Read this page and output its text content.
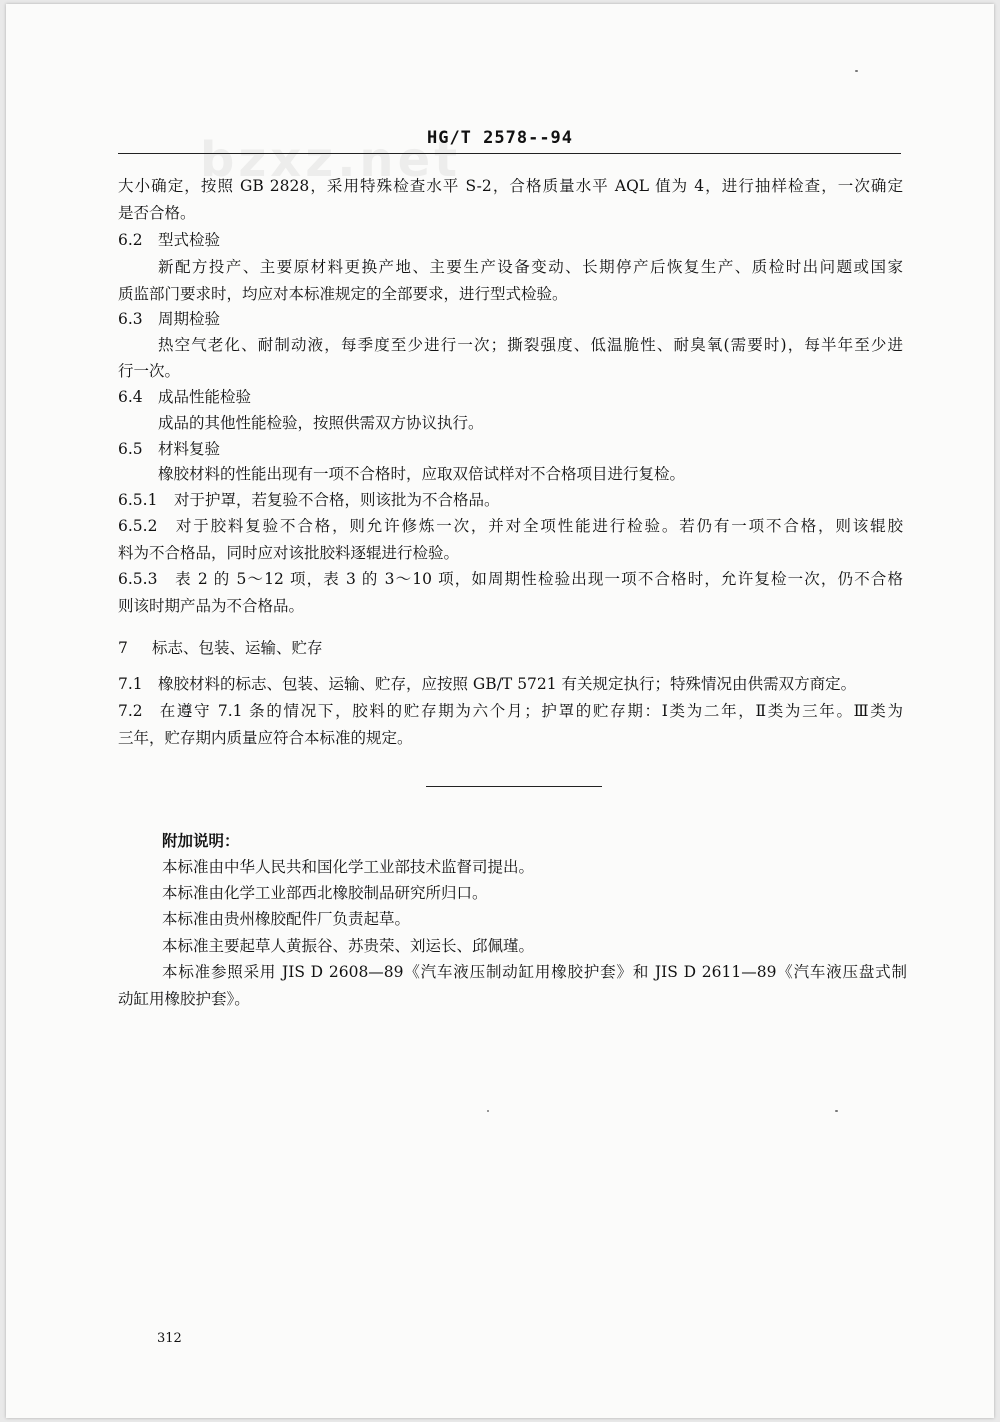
bzxz.net
HG/T 2578--94
大小确定，按照 GB 2828，采用特殊检查水平 S-2，合格质量水平 AQL 值为 4，进行抽样检查，一次确定
是否合格。
6.2 型式检验
新配方投产、主要原材料更换产地、主要生产设备变动、长期停产后恢复生产、质检时出问题或国家
质监部门要求时，均应对本标准规定的全部要求，进行型式检验。
6.3 周期检验
热空气老化、耐制动液，每季度至少进行一次；撕裂强度、低温脆性、耐臭氧(需要时)，每半年至少进
行一次。
6.4 成品性能检验
成品的其他性能检验，按照供需双方协议执行。
6.5 材料复验
橡胶材料的性能出现有一项不合格时，应取双倍试样对不合格项目进行复检。
6.5.1 对于护罩，若复验不合格，则该批为不合格品。
6.5.2 对于胶料复验不合格，则允许修炼一次，并对全项性能进行检验。若仍有一项不合格，则该辊胶
料为不合格品，同时应对该批胶料逐辊进行检验。
6.5.3 表 2 的 5～12 项，表 3 的 3～10 项，如周期性检验出现一项不合格时，允许复检一次，仍不合格
则该时期产品为不合格品。
7 标志、包装、运输、贮存
7.1 橡胶材料的标志、包装、运输、贮存，应按照 GB/T 5721 有关规定执行；特殊情况由供需双方商定。
7.2 在遵守 7.1 条的情况下，胶料的贮存期为六个月；护罩的贮存期：Ⅰ类为二年，Ⅱ类为三年。Ⅲ类为
三年，贮存期内质量应符合本标准的规定。
附加说明：
本标准由中华人民共和国化学工业部技术监督司提出。
本标准由化学工业部西北橡胶制品研究所归口。
本标准由贵州橡胶配件厂负责起草。
本标准主要起草人黄振谷、苏贵荣、刘运长、邱佩瑾。
本标准参照采用 JIS D 2608—89《汽车液压制动缸用橡胶护套》和 JIS D 2611—89《汽车液压盘式制
动缸用橡胶护套》。
312
